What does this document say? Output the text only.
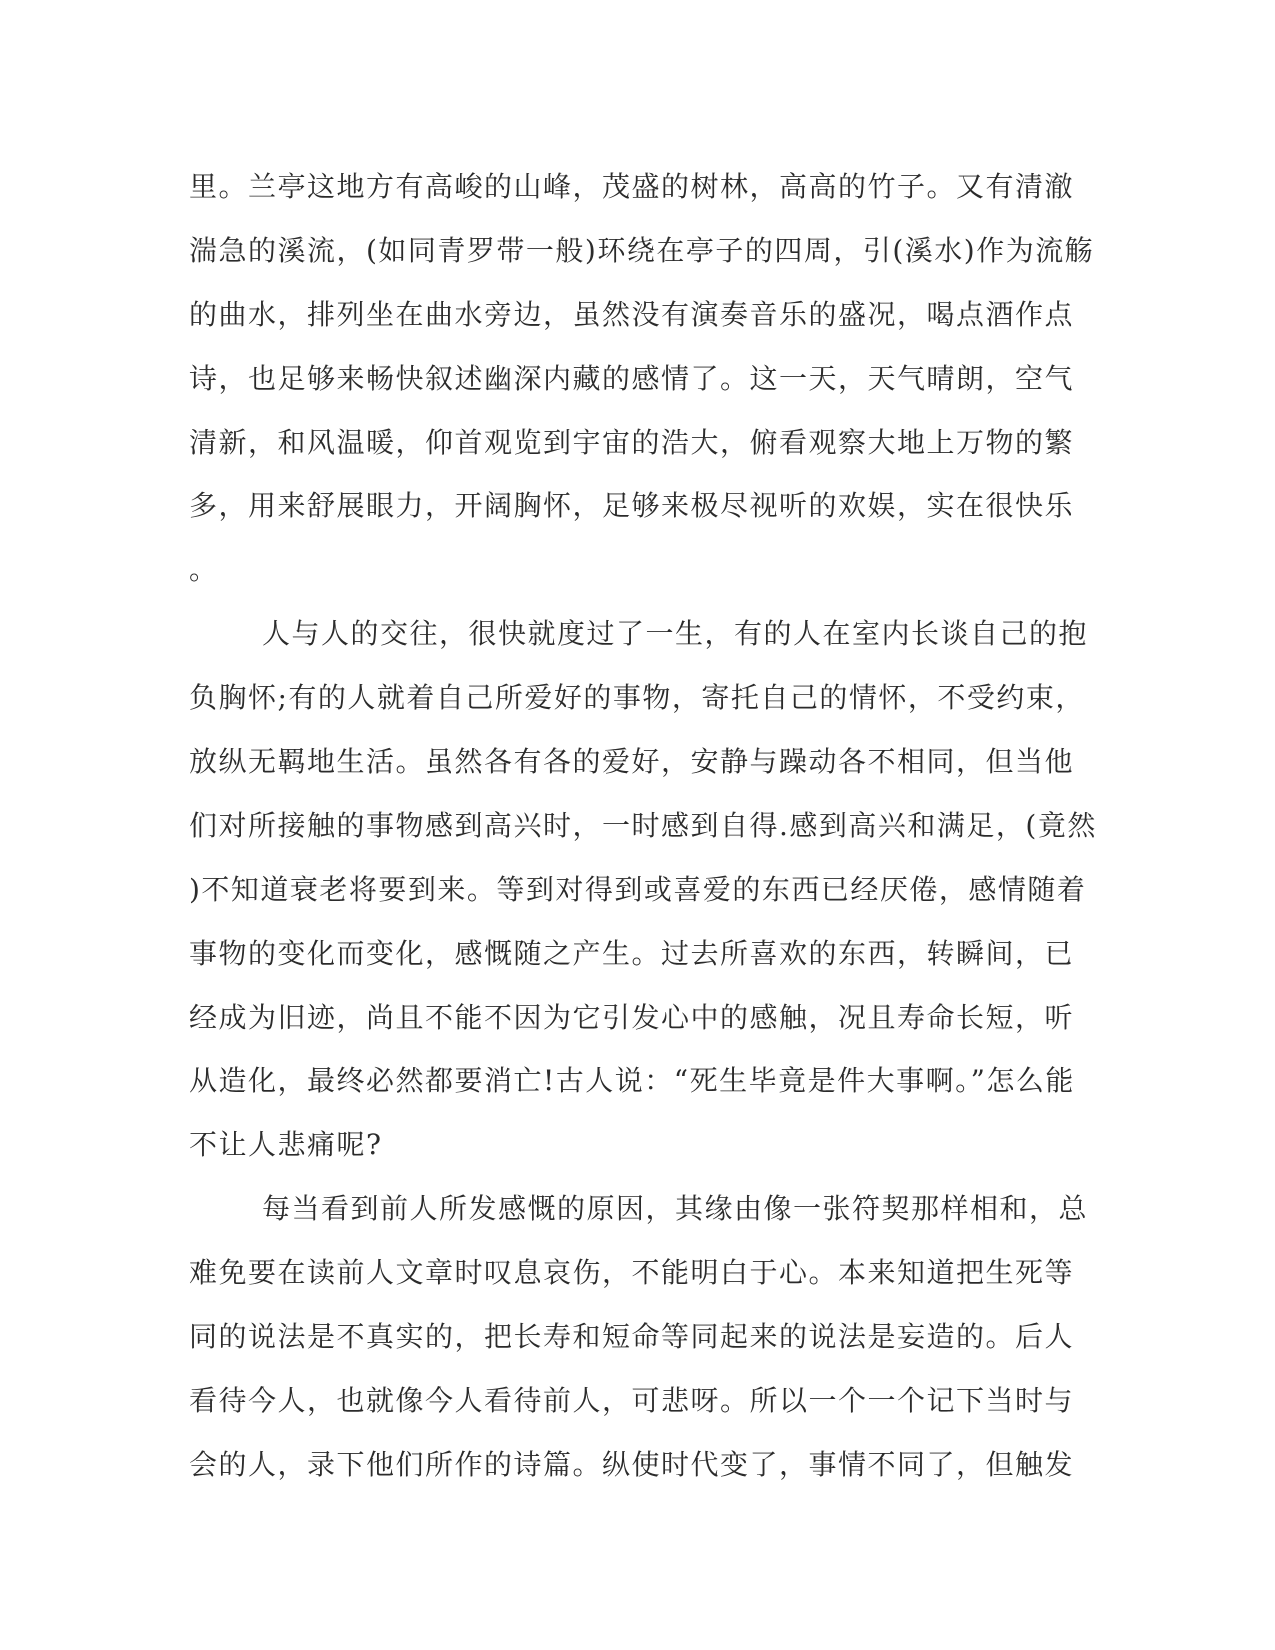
里。兰亭这地方有高峻的山峰，茂盛的树林，高高的竹子。又有清澈
湍急的溪流，(如同青罗带一般)环绕在亭子的四周，引(溪水)作为流觞
的曲水，排列坐在曲水旁边，虽然没有演奏音乐的盛况，喝点酒作点
诗，也足够来畅快叙述幽深内藏的感情了。这一天，天气晴朗，空气
清新，和风温暖，仰首观览到宇宙的浩大，俯看观察大地上万物的繁
多，用来舒展眼力，开阔胸怀，足够来极尽视听的欢娱，实在很快乐
。
人与人的交往，很快就度过了一生，有的人在室内长谈自己的抱
负胸怀;有的人就着自己所爱好的事物，寄托自己的情怀，不受约束，
放纵无羁地生活。虽然各有各的爱好，安静与躁动各不相同，但当他
们对所接触的事物感到高兴时，一时感到自得.感到高兴和满足，(竟然
)不知道衰老将要到来。等到对得到或喜爱的东西已经厌倦，感情随着
事物的变化而变化，感慨随之产生。过去所喜欢的东西，转瞬间，已
经成为旧迹，尚且不能不因为它引发心中的感触，况且寿命长短，听
从造化，最终必然都要消亡!古人说：“死生毕竟是件大事啊。”怎么能
不让人悲痛呢?
每当看到前人所发感慨的原因，其缘由像一张符契那样相和，总
难免要在读前人文章时叹息哀伤，不能明白于心。本来知道把生死等
同的说法是不真实的，把长寿和短命等同起来的说法是妄造的。后人
看待今人，也就像今人看待前人，可悲呀。所以一个一个记下当时与
会的人，录下他们所作的诗篇。纵使时代变了，事情不同了，但触发
